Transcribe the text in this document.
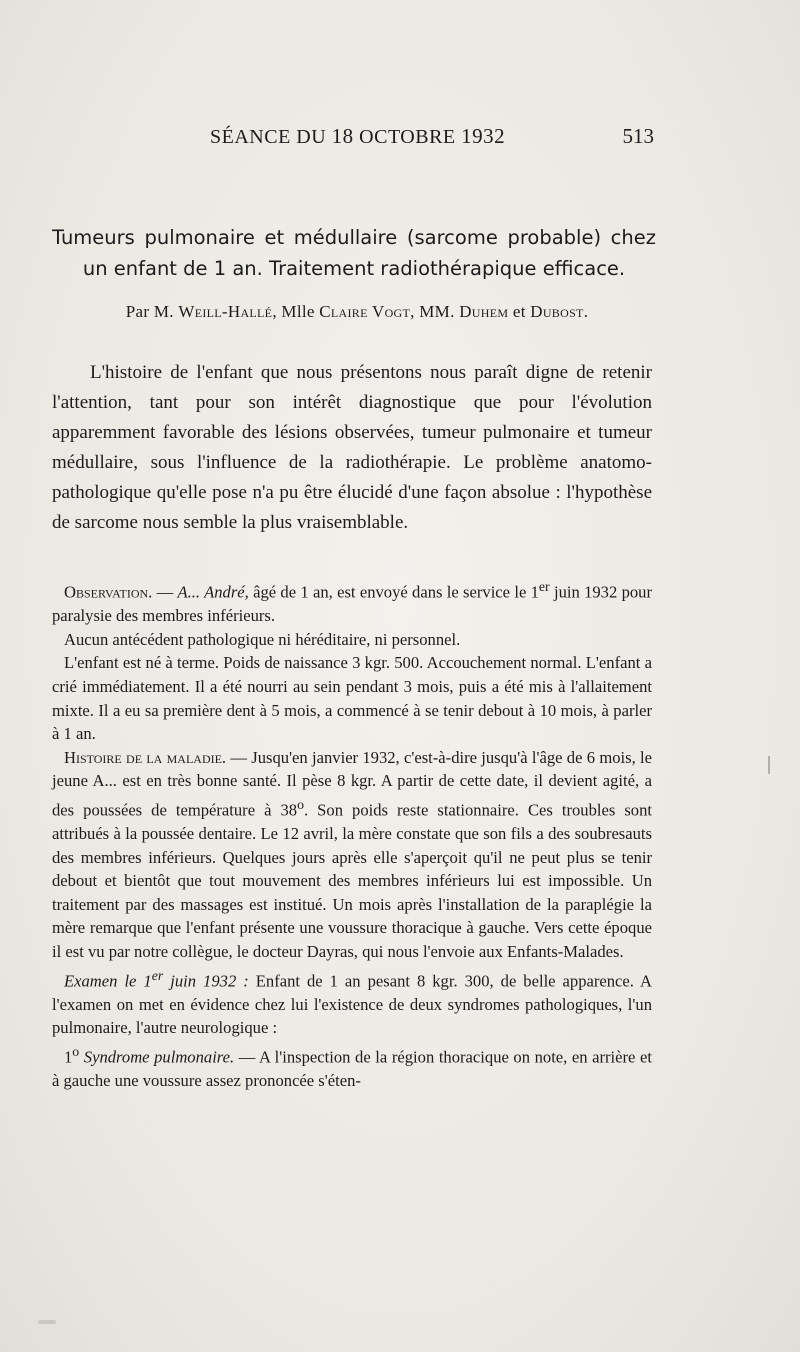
SÉANCE DU 18 OCTOBRE 1932	513
Tumeurs pulmonaire et médullaire (sarcome probable) chez un enfant de 1 an. Traitement radiothérapique efficace.
Par M. Weill-Hallé, Mlle Claire Vogt, MM. Duhem et Dubost.

L'histoire de l'enfant que nous présentons nous paraît digne de retenir l'attention, tant pour son intérêt diagnostique que pour l'évolution apparemment favorable des lésions observées, tumeur pulmonaire et tumeur médullaire, sous l'influence de la radiothérapie. Le problème anatomo-pathologique qu'elle pose n'a pu être élucidé d'une façon absolue : l'hypothèse de sarcome nous semble la plus vraisemblable.

Observation. — A... André, âgé de 1 an, est envoyé dans le service le 1er juin 1932 pour paralysie des membres inférieurs.

Aucun antécédent pathologique ni héréditaire, ni personnel.

L'enfant est né à terme. Poids de naissance 3 kgr. 500. Accouchement normal. L'enfant a crié immédiatement. Il a été nourri au sein pendant 3 mois, puis a été mis à l'allaitement mixte. Il a eu sa première dent à 5 mois, a commencé à se tenir debout à 10 mois, à parler à 1 an.

Histoire de la maladie. — Jusqu'en janvier 1932, c'est-à-dire jusqu'à l'âge de 6 mois, le jeune A... est en très bonne santé. Il pèse 8 kgr. A partir de cette date, il devient agité, a des poussées de température à 38$^o$. Son poids reste stationnaire. Ces troubles sont attribués à la poussée dentaire. Le 12 avril, la mère constate que son fils a des soubresauts des membres inférieurs. Quelques jours après elle s'aperçoit qu'il ne peut plus se tenir debout et bientôt que tout mouvement des membres inférieurs lui est impossible. Un traitement par des massages est institué. Un mois après l'installation de la paraplégie la mère remarque que l'enfant présente une voussure thoracique à gauche. Vers cette époque il est vu par notre collègue, le docteur Dayras, qui nous l'envoie aux Enfants-Malades.

Examen le 1er juin 1932 : Enfant de 1 an pesant 8 kgr. 300, de belle apparence. A l'examen on met en évidence chez lui l'existence de deux syndromes pathologiques, l'un pulmonaire, l'autre neurologique :

1$^o$ Syndrome pulmonaire. — A l'inspection de la région thoracique on note, en arrière et à gauche une voussure assez prononcée s'éten-
